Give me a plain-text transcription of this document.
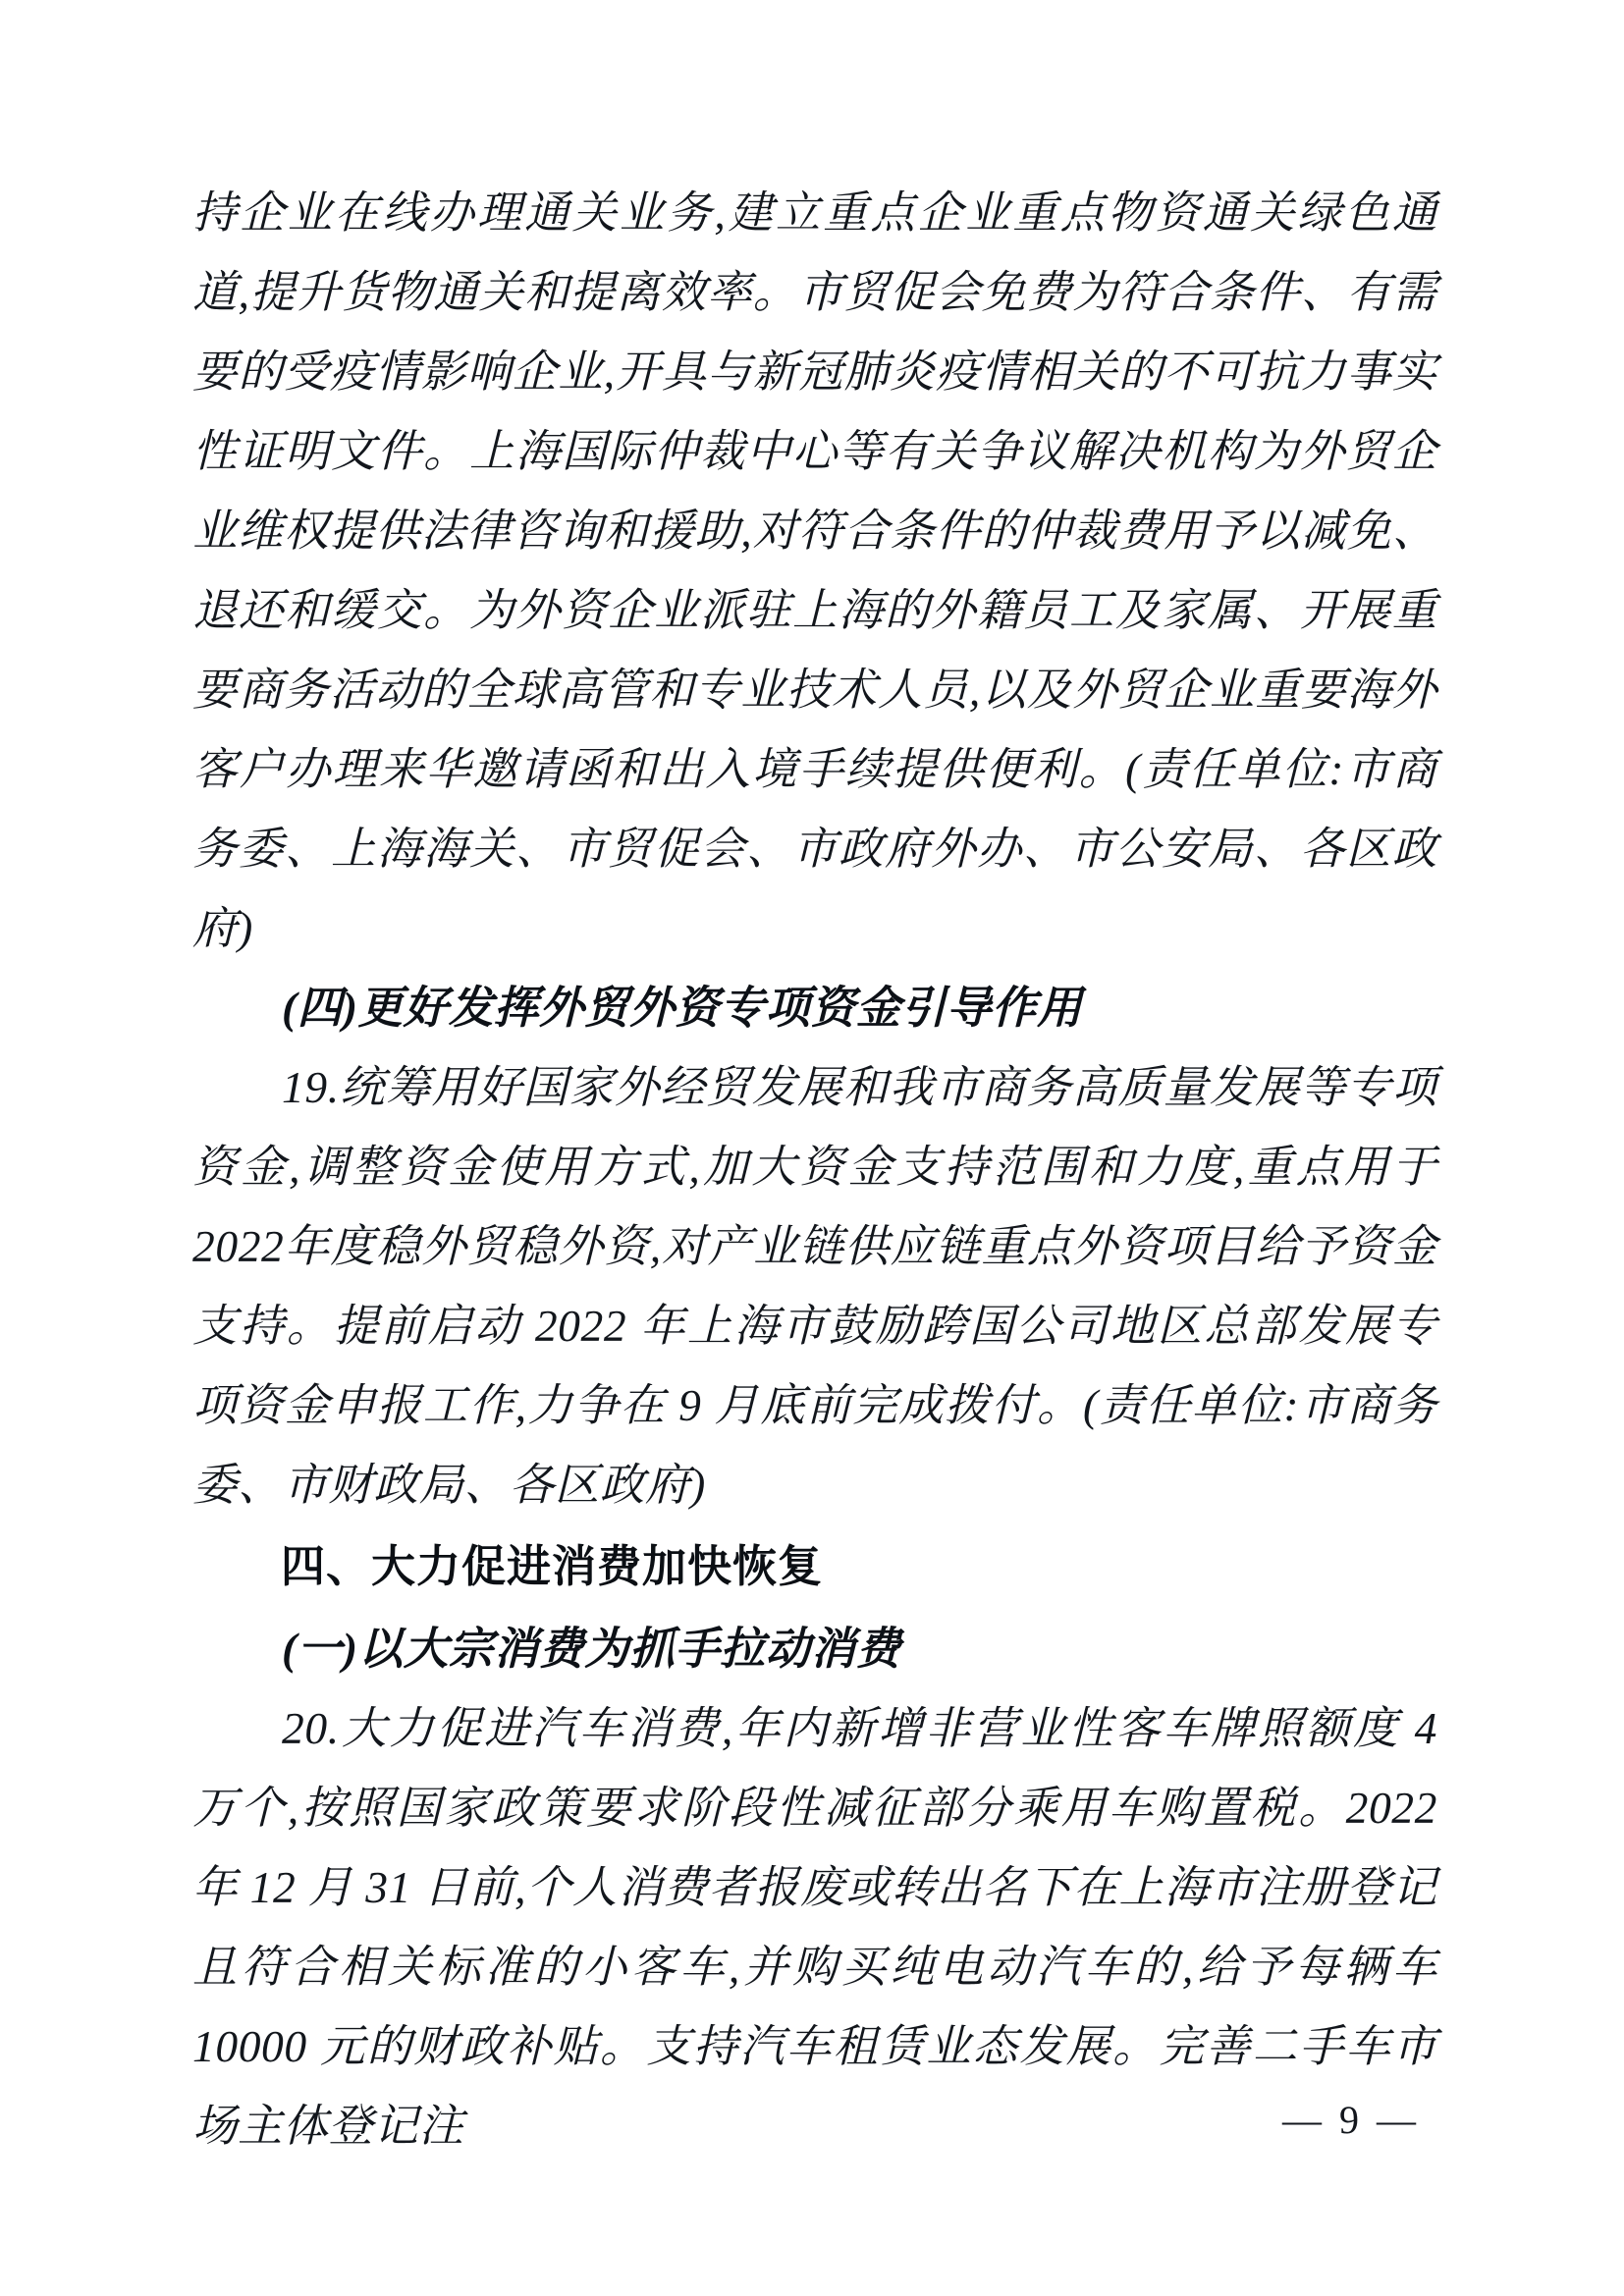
持企业在线办理通关业务,建立重点企业重点物资通关绿色通道,提升货物通关和提离效率。市贸促会免费为符合条件、有需要的受疫情影响企业,开具与新冠肺炎疫情相关的不可抗力事实性证明文件。上海国际仲裁中心等有关争议解决机构为外贸企业维权提供法律咨询和援助,对符合条件的仲裁费用予以减免、退还和缓交。为外资企业派驻上海的外籍员工及家属、开展重要商务活动的全球高管和专业技术人员,以及外贸企业重要海外客户办理来华邀请函和出入境手续提供便利。(责任单位:市商务委、上海海关、市贸促会、市政府外办、市公安局、各区政府)

(四)更好发挥外贸外资专项资金引导作用

19.统筹用好国家外经贸发展和我市商务高质量发展等专项资金,调整资金使用方式,加大资金支持范围和力度,重点用于2022年度稳外贸稳外资,对产业链供应链重点外资项目给予资金支持。提前启动 2022 年上海市鼓励跨国公司地区总部发展专项资金申报工作,力争在 9 月底前完成拨付。(责任单位:市商务委、市财政局、各区政府)

四、大力促进消费加快恢复

(一)以大宗消费为抓手拉动消费

20.大力促进汽车消费,年内新增非营业性客车牌照额度 4 万个,按照国家政策要求阶段性减征部分乘用车购置税。2022 年 12 月 31 日前,个人消费者报废或转出名下在上海市注册登记且符合相关标准的小客车,并购买纯电动汽车的,给予每辆车 10000 元的财政补贴。支持汽车租赁业态发展。完善二手车市场主体登记注	— 9 —
